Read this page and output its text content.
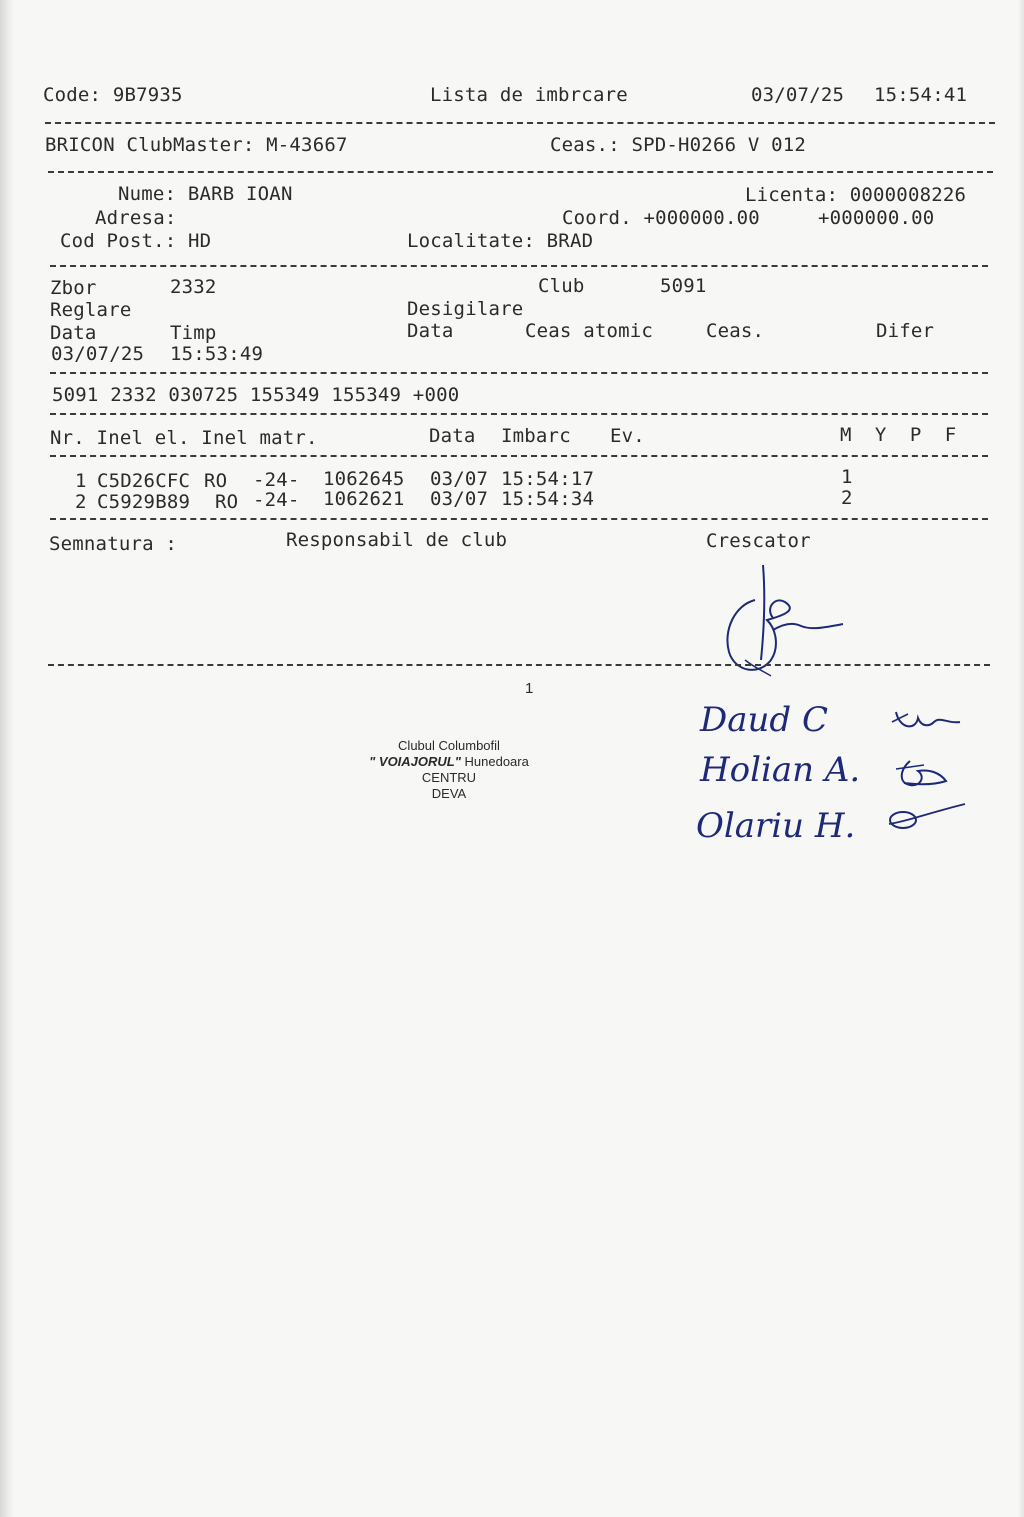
Code: 9B7935	Lista de imbrcare	03/07/25 15:54:41
BRICON ClubMaster: M-43667	Ceas.: SPD-H0266 V 012
Nume: BARB IOAN	Licenta: 0000008226
Adresa:	Coord. +000000.00	+000000.00
Cod Post.: HD	Localitate: BRAD
Zbor	2332	Club	5091
Reglare	Desigilare
Data	Timp	Data	Ceas atomic	Ceas.	Difer
03/07/25 15:53:49
5091 2332 030725 155349 155349 +000
Nr. Inel el. Inel matr.	Data Imbarc Ev.	M  Y  P  F
1 C5D26CFC RO -24- 1062645 03/07 15:54:17	1
2 C5929B89 RO -24- 1062621 03/07 15:54:34	2
Semnatura :	Responsabil de club	Crescator
1
Clubul Columbofil
" VOIAJORUL" Hunedoara
CENTRU
DEVA
Daud C
Holian A.
Olariu H.
